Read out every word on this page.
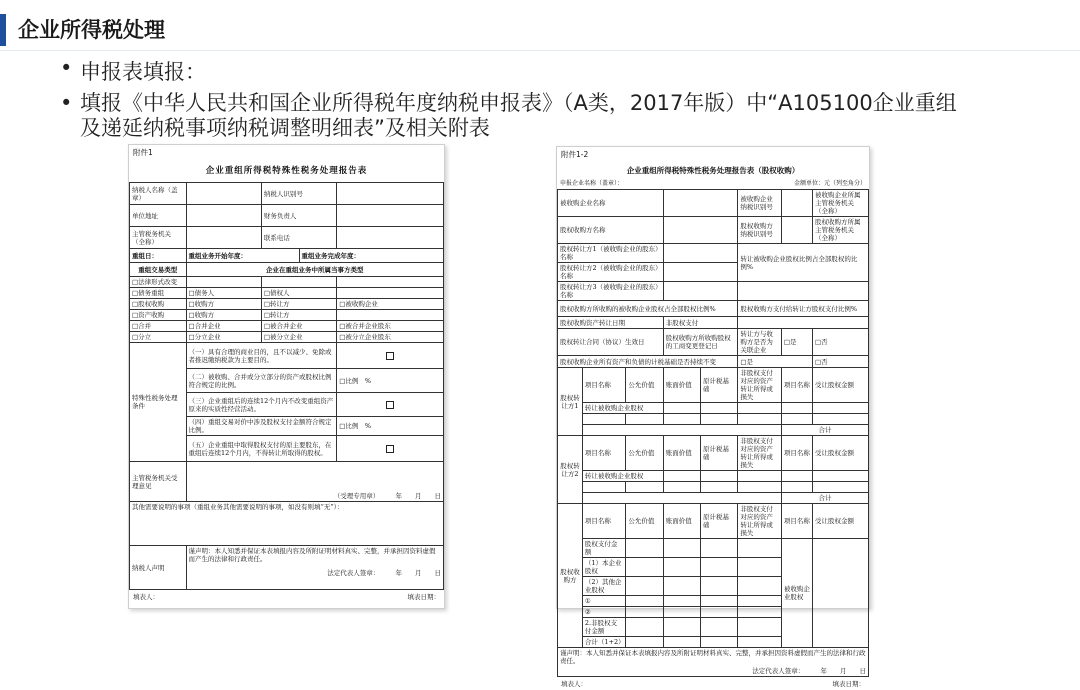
企业所得税处理
• 申报表填报：
• 填报《中华人民共和国企业所得税年度纳税申报表》（A类，2017年版）中“A105100企业重组及递延纳税事项纳税调整明细表”及相关附表
附件1
企业重组所得税特殊性税务处理报告表
纳税人名称（盖章）		纳税人识别号		
单位地址		财务负责人		
主管税务机关（全称）		联系电话		
重组日：	重组业务开始年度：		重组业务完成年度：	
重组交易类型	企业在重组业务中所属当事方类型			
□法律形式改变				
□债务重组	□债务人	□债权人		
□股权收购	□收购方	□转让方		□被收购企业
□资产收购	□收购方	□转让方		
□合并	□合并企业	□被合并企业		□被合并企业股东
□分立	□分立企业	□被分立企业		□被分立企业股东
特殊性税务处理条件	（一）具有合理的商业目的，且不以减少、免除或者推迟缴纳税款为主要目的。			
	（二）被收购、合并或分立部分的资产或股权比例符合规定的比例。			□比例　%
	（三）企业重组后的连续12个月内不改变重组资产原来的实质性经营活动。			
	（四）重组交易对价中涉及股权支付金额符合规定比例。			□比例　%
	（五）企业重组中取得股权支付的原主要股东，在重组后连续12个月内，不得转让所取得的股权。			
主管税务机关受理意见	（受理专用章）　　　年　　月　　日			
其他需要说明的事项（重组业务其他需要说明的事项，如没有则填“无”）：				
纳税人声明	谨声明：本人知悉并保证本表填报内容及所附证明材料真实、完整，并承担因资料虚假而产生的法律和行政责任。
法定代表人签章：　　　年　　月　　日			
填表人：	填表日期：
附件1-2
企业重组所得税特殊性税务处理报告表（股权收购）
申报企业名称（盖章）：	金额单位：元（列至角分）
被收购企业名称					被收购企业纳税识别号		被收购企业所属主管税务机关（全称）
股权收购方名称					股权收购方纳税识别号		股权收购方所属主管税务机关（全称）
股权转让方1（被收购企业的股东）名称					转让被收购企业股权比例占全部股权的比例%		
股权转让方2（被收购企业的股东）名称							
股权转让方3（被收购企业的股东）名称							
股权收购方所收购的被收购企业股权占全部股权比例%					股权收购方支付给转让方股权支付比例%		
股权收购资产转让日期			非股权支付				
股权转让合同（协议）生效日			股权收购方所收购股权的工商变更登记日		转让方与收购方是否为关联企业	□是	□否
股权收购企业所有资产和负债的计税基础是否持续不变					□是		□否
股权转让方1	项目名称	公允价值	账面价值	原计税基础	非股权支付对应的资产转让所得或损失	项目名称	受让股权金额
	转让被收购企业股权						

						合计	
股权转让方2	项目名称	公允价值	账面价值	原计税基础	非股权支付对应的资产转让所得或损失	项目名称	受让股权金额
	转让被收购企业股权						

						合计	
股权收购方	项目名称	公允价值	账面价值	原计税基础	非股权支付对应的资产转让所得或损失	项目名称	受让股权金额
	股权支付金额					被收购企业股权	
	（1）本企业股权						
	（2）其他企业股权						
	①						
	②						
	2.非股权支付金额						
	合计（1+2）						

谨声明：本人知悉并保证本表填报内容及所附证明材料真实、完整，并承担因资料虚假而产生的法律和行政责任。
法定代表人签章：　　　年　　月　　日							
填表人：	填表日期：
